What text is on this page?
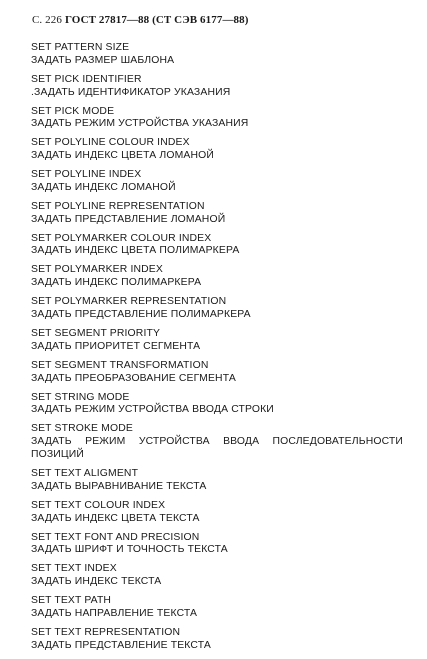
С. 226 ГОСТ 27817—88 (СТ СЭВ 6177—88)
SET PATTERN SIZE
ЗАДАТЬ РАЗМЕР ШАБЛОНА
SET PICK IDENTIFIER
.ЗАДАТЬ ИДЕНТИФИКАТОР УКАЗАНИЯ
SET PICK MODE
ЗАДАТЬ РЕЖИМ УСТРОЙСТВА УКАЗАНИЯ
SET POLYLINE COLOUR INDEX
ЗАДАТЬ ИНДЕКС ЦВЕТА ЛОМАНОЙ
SET POLYLINE INDEX
ЗАДАТЬ ИНДЕКС ЛОМАНОЙ
SET POLYLINE REPRESENTATION
ЗАДАТЬ ПРЕДСТАВЛЕНИЕ ЛОМАНОЙ
SET POLYMARKER COLOUR INDEX
ЗАДАТЬ ИНДЕКС ЦВЕТА ПОЛИМАРКЕРА
SET POLYMARKER INDEX
ЗАДАТЬ ИНДЕКС ПОЛИМАРКЕРА
SET POLYMARKER REPRESENTATION
ЗАДАТЬ ПРЕДСТАВЛЕНИЕ ПОЛИМАРКЕРА
SET SEGMENT PRIORITY
ЗАДАТЬ ПРИОРИТЕТ СЕГМЕНТА
SET SEGMENT TRANSFORMATION
ЗАДАТЬ ПРЕОБРАЗОВАНИЕ СЕГМЕНТА
SET STRING MODE
ЗАДАТЬ РЕЖИМ УСТРОЙСТВА ВВОДА СТРОКИ
SET STROKE MODE
ЗАДАТЬ РЕЖИМ УСТРОЙСТВА ВВОДА ПОСЛЕДОВАТЕЛЬНОСТИ ПОЗИЦИЙ
SET TEXT ALIGMENT
ЗАДАТЬ ВЫРАВНИВАНИЕ ТЕКСТА
SET TEXT COLOUR INDEX
ЗАДАТЬ ИНДЕКС ЦВЕТА ТЕКСТА
SET TEXT FONT AND PRECISION
ЗАДАТЬ ШРИФТ И ТОЧНОСТЬ ТЕКСТА
SET TEXT INDEX
ЗАДАТЬ ИНДЕКС ТЕКСТА
SET TEXT PATH
ЗАДАТЬ НАПРАВЛЕНИЕ ТЕКСТА
SET TEXT REPRESENTATION
ЗАДАТЬ ПРЕДСТАВЛЕНИЕ ТЕКСТА
